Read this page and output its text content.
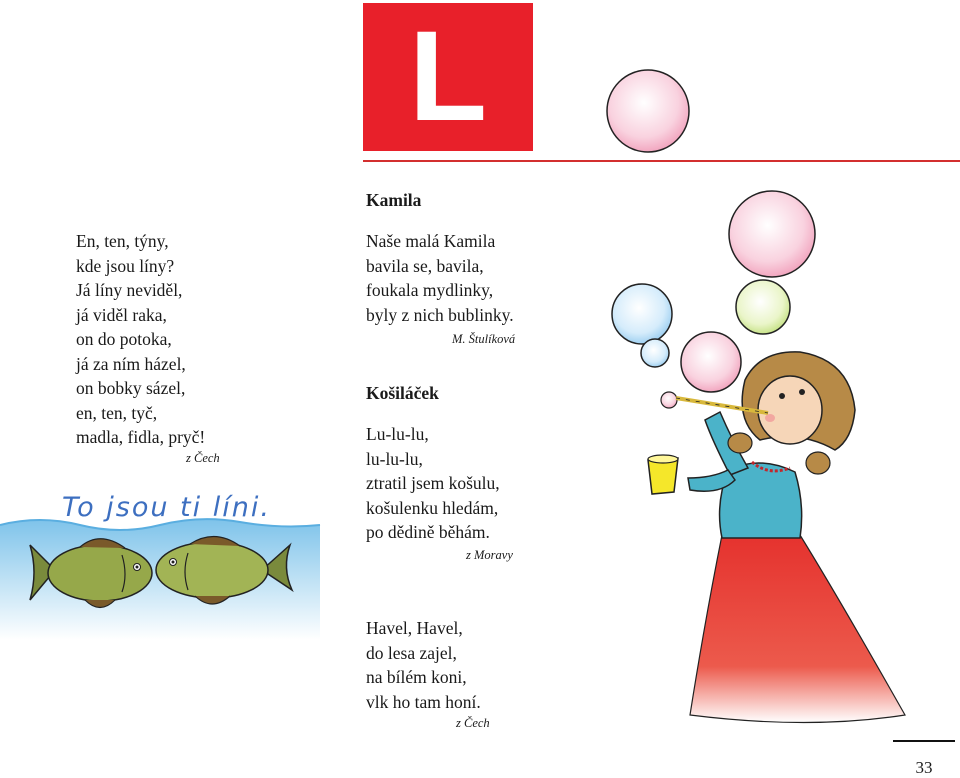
L
En, ten, týny,
kde jsou líny?
Já líny neviděl,
já viděl raka,
on do potoka,
já za ním házel,
on bobky sázel,
en, ten, tyč,
madla, fidla, pryč!
z Čech
To jsou ti líni.
Kamila
Naše malá Kamila
bavila se, bavila,
foukala mydlinky,
byly z nich bublinky.
M. Štulíková
Košiláček
Lu-lu-lu,
lu-lu-lu,
ztratil jsem košulu,
košulenku hledám,
po dědině běhám.
z Moravy
Havel, Havel,
do lesa zajel,
na bílém koni,
vlk ho tam honí.
z Čech
33
